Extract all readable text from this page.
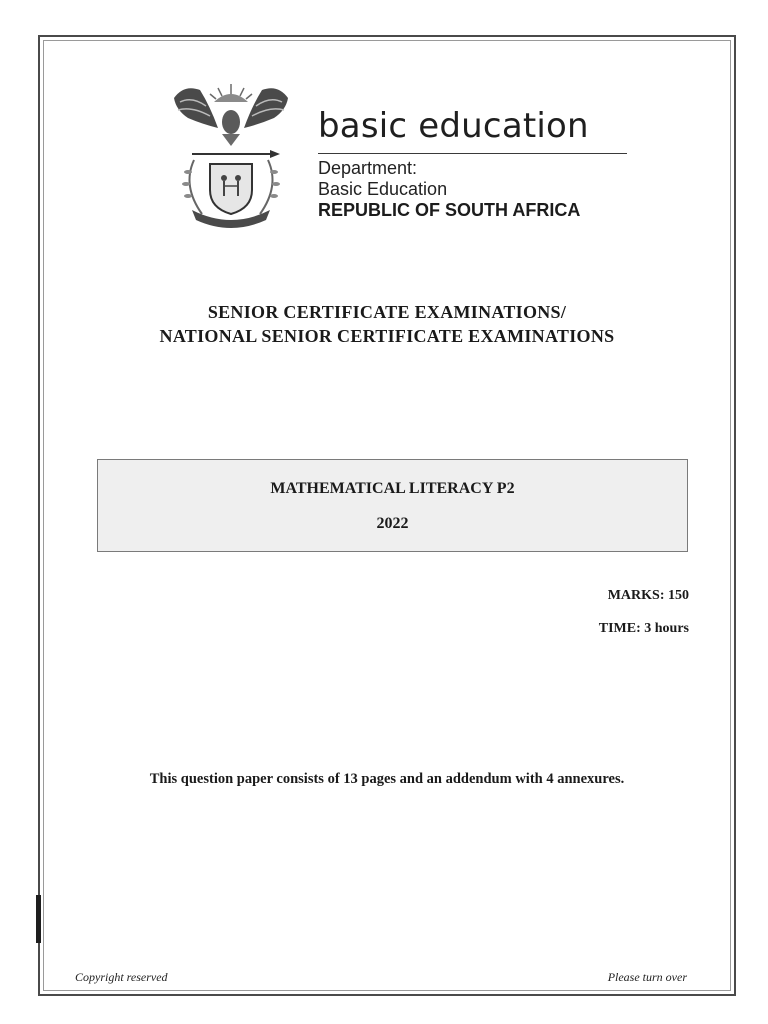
basic education
Department:
Basic Education
REPUBLIC OF SOUTH AFRICA
SENIOR CERTIFICATE EXAMINATIONS/
NATIONAL SENIOR CERTIFICATE EXAMINATIONS
MATHEMATICAL LITERACY P2
2022
MARKS: 150
TIME: 3 hours
This question paper consists of 13 pages and an addendum with 4 annexures.
Copyright reserved	Please turn over
